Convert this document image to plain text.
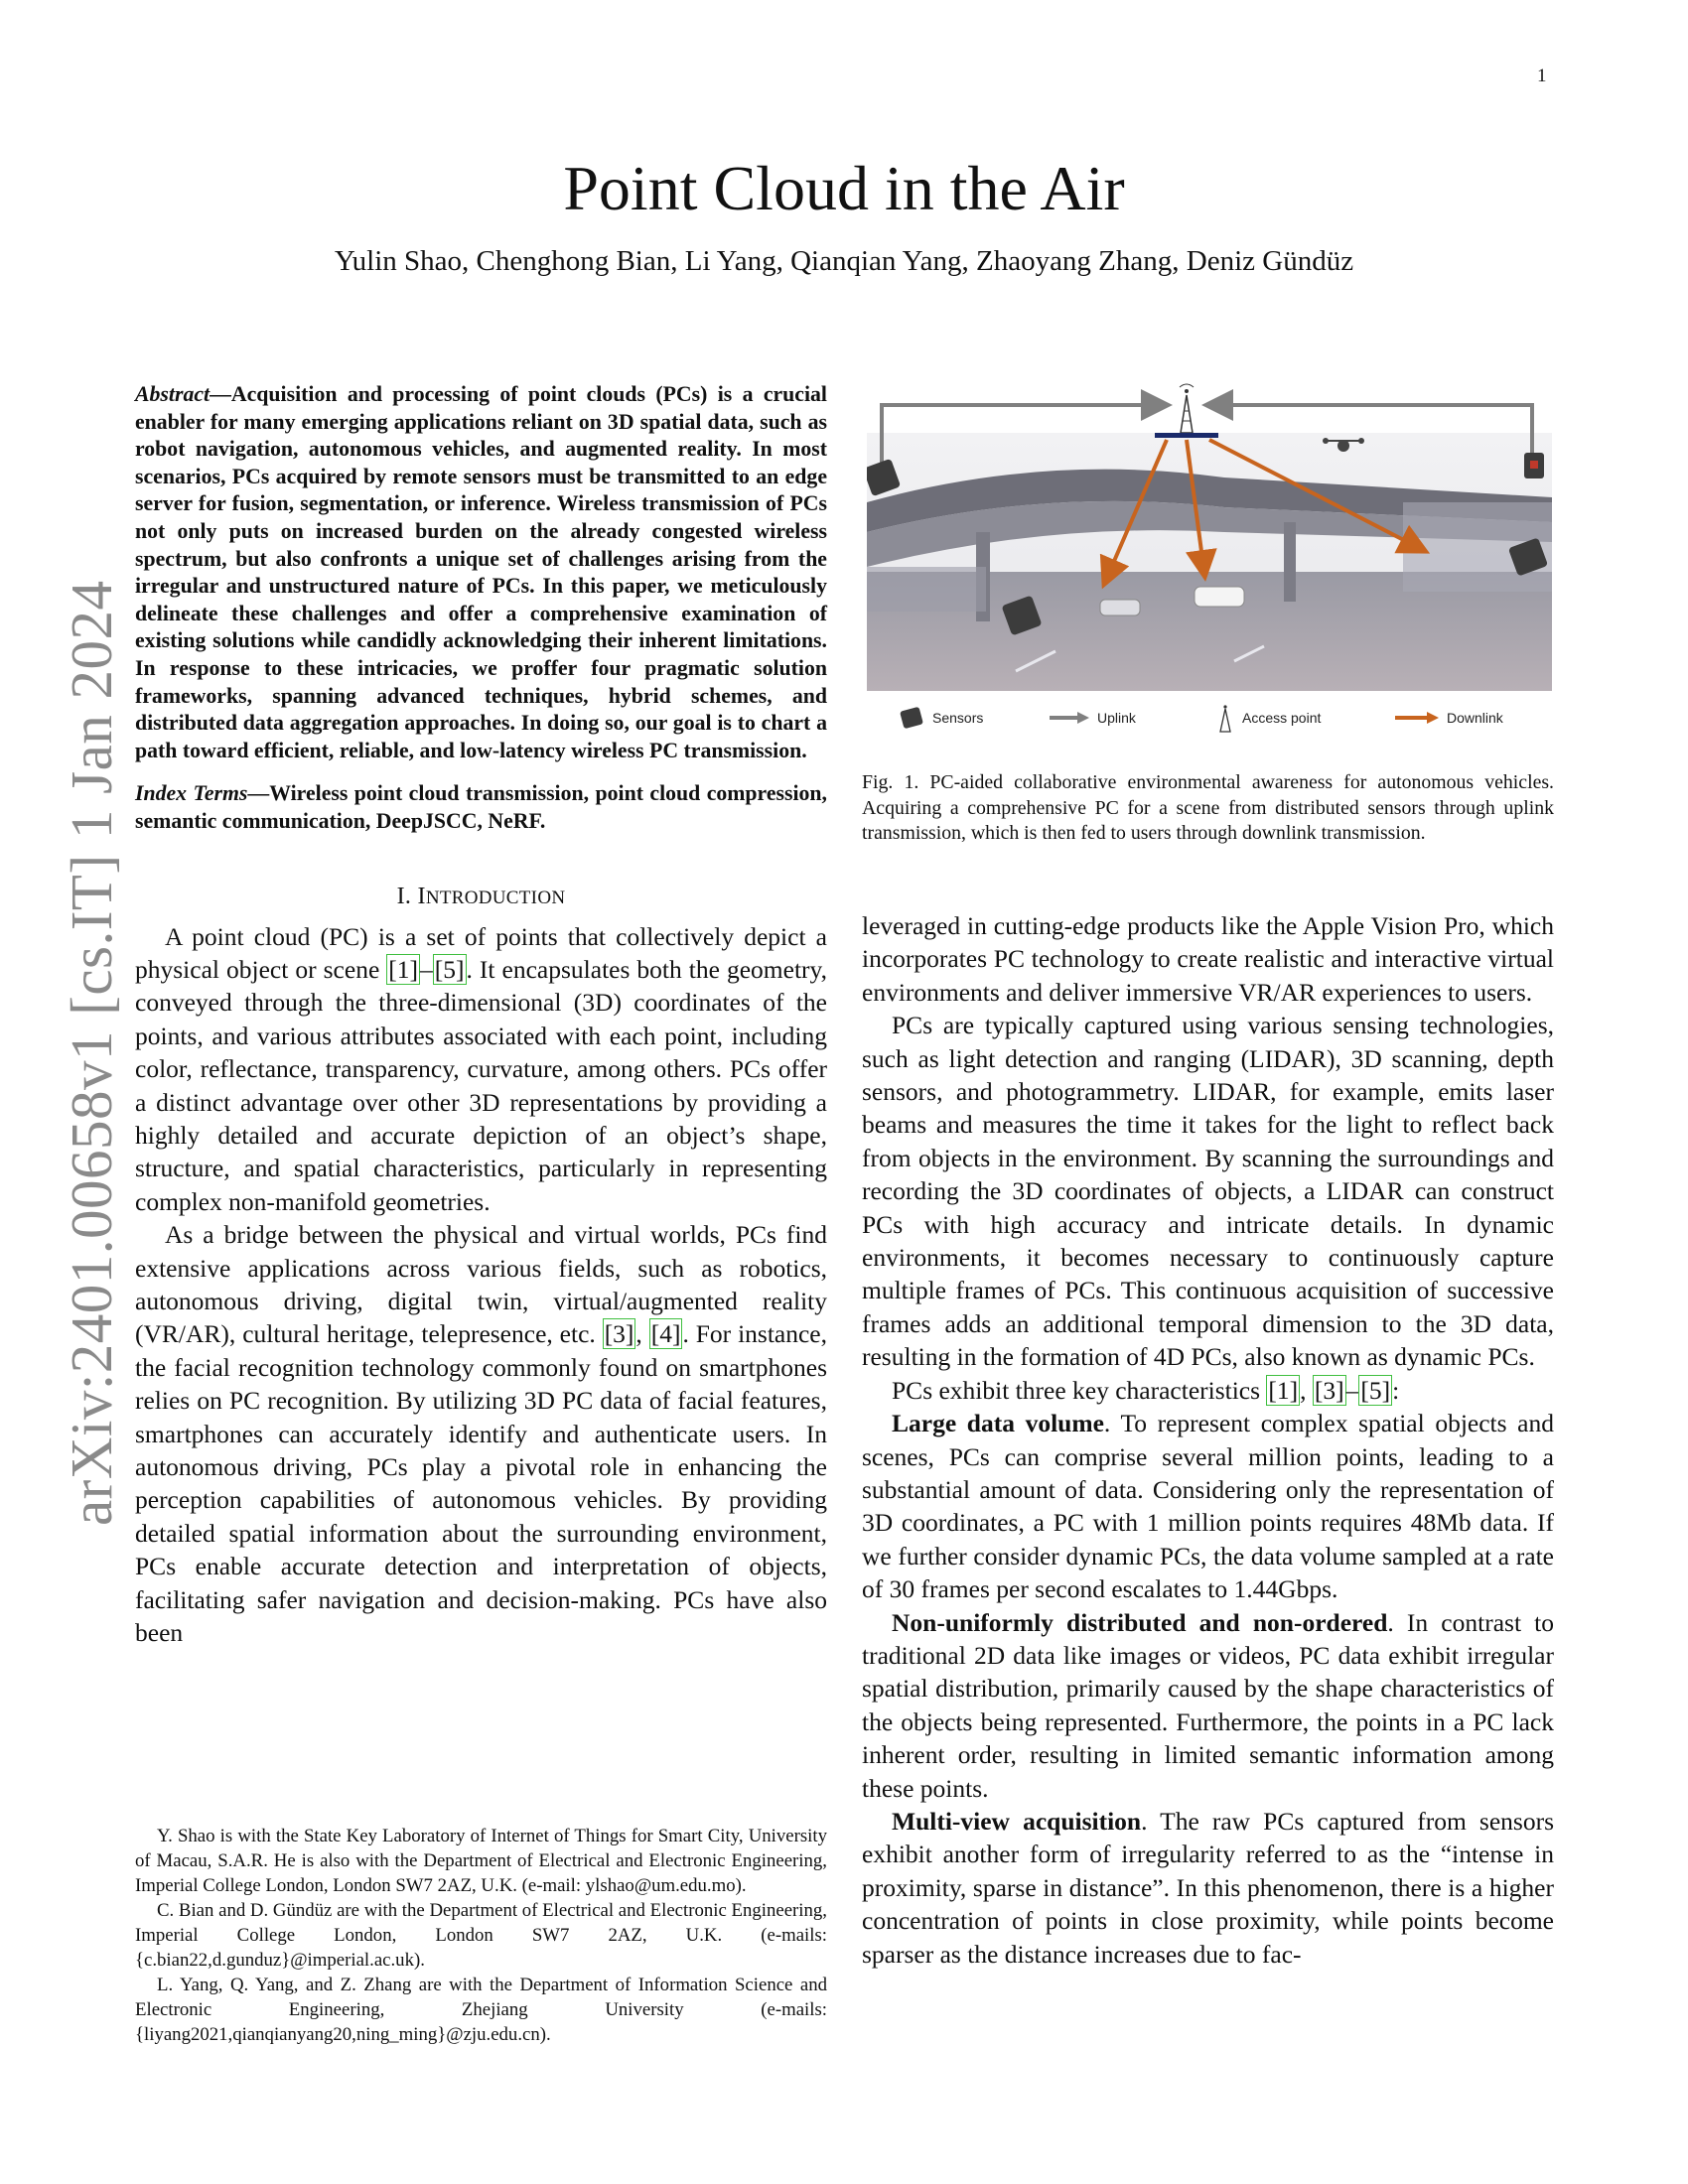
1
Point Cloud in the Air
Yulin Shao, Chenghong Bian, Li Yang, Qianqian Yang, Zhaoyang Zhang, Deniz Gündüz
arXiv:2401.00658v1 [cs.IT] 1 Jan 2024
Abstract—Acquisition and processing of point clouds (PCs) is a crucial enabler for many emerging applications reliant on 3D spatial data, such as robot navigation, autonomous vehicles, and augmented reality. In most scenarios, PCs acquired by remote sensors must be transmitted to an edge server for fusion, segmentation, or inference. Wireless transmission of PCs not only puts on increased burden on the already congested wireless spectrum, but also confronts a unique set of challenges arising from the irregular and unstructured nature of PCs. In this paper, we meticulously delineate these challenges and offer a comprehensive examination of existing solutions while candidly acknowledging their inherent limitations. In response to these intricacies, we proffer four pragmatic solution frameworks, spanning advanced techniques, hybrid schemes, and distributed data aggregation approaches. In doing so, our goal is to chart a path toward efficient, reliable, and low-latency wireless PC transmission.
Index Terms—Wireless point cloud transmission, point cloud compression, semantic communication, DeepJSCC, NeRF.
I. INTRODUCTION

A point cloud (PC) is a set of points that collectively depict a physical object or scene [1]–[5]. It encapsulates both the geometry, conveyed through the three-dimensional (3D) coordinates of the points, and various attributes associated with each point, including color, reflectance, transparency, curvature, among others. PCs offer a distinct advantage over other 3D representations by providing a highly detailed and accurate depiction of an object’s shape, structure, and spatial characteristics, particularly in representing complex non-manifold geometries.

As a bridge between the physical and virtual worlds, PCs find extensive applications across various fields, such as robotics, autonomous driving, digital twin, virtual/augmented reality (VR/AR), cultural heritage, telepresence, etc. [3], [4]. For instance, the facial recognition technology commonly found on smartphones relies on PC recognition. By utilizing 3D PC data of facial features, smartphones can accurately identify and authenticate users. In autonomous driving, PCs play a pivotal role in enhancing the perception capabilities of autonomous vehicles. By providing detailed spatial information about the surrounding environment, PCs enable accurate detection and interpretation of objects, facilitating safer navigation and decision-making. PCs have also been

Y. Shao is with the State Key Laboratory of Internet of Things for Smart City, University of Macau, S.A.R. He is also with the Department of Electrical and Electronic Engineering, Imperial College London, London SW7 2AZ, U.K. (e-mail: ylshao@um.edu.mo).

C. Bian and D. Gündüz are with the Department of Electrical and Electronic Engineering, Imperial College London, London SW7 2AZ, U.K. (e-mails: {c.bian22,d.gunduz}@imperial.ac.uk).

L. Yang, Q. Yang, and Z. Zhang are with the Department of Information Science and Electronic Engineering, Zhejiang University (e-mails: {liyang2021,qianqianyang20,ning_ming}@zju.edu.cn).

Sensors	Uplink	Access point	Downlink
Fig. 1. PC-aided collaborative environmental awareness for autonomous vehicles. Acquiring a comprehensive PC for a scene from distributed sensors through uplink transmission, which is then fed to users through downlink transmission.

leveraged in cutting-edge products like the Apple Vision Pro, which incorporates PC technology to create realistic and interactive virtual environments and deliver immersive VR/AR experiences to users.

PCs are typically captured using various sensing technologies, such as light detection and ranging (LIDAR), 3D scanning, depth sensors, and photogrammetry. LIDAR, for example, emits laser beams and measures the time it takes for the light to reflect back from objects in the environment. By scanning the surroundings and recording the 3D coordinates of objects, a LIDAR can construct PCs with high accuracy and intricate details. In dynamic environments, it becomes necessary to continuously capture multiple frames of PCs. This continuous acquisition of successive frames adds an additional temporal dimension to the 3D data, resulting in the formation of 4D PCs, also known as dynamic PCs.

PCs exhibit three key characteristics [1], [3]–[5]:

Large data volume. To represent complex spatial objects and scenes, PCs can comprise several million points, leading to a substantial amount of data. Considering only the representation of 3D coordinates, a PC with 1 million points requires 48Mb data. If we further consider dynamic PCs, the data volume sampled at a rate of 30 frames per second escalates to 1.44Gbps.

Non-uniformly distributed and non-ordered. In contrast to traditional 2D data like images or videos, PC data exhibit irregular spatial distribution, primarily caused by the shape characteristics of the objects being represented. Furthermore, the points in a PC lack inherent order, resulting in limited semantic information among these points.

Multi-view acquisition. The raw PCs captured from sensors exhibit another form of irregularity referred to as the “intense in proximity, sparse in distance”. In this phenomenon, there is a higher concentration of points in close proximity, while points become sparser as the distance increases due to fac-
